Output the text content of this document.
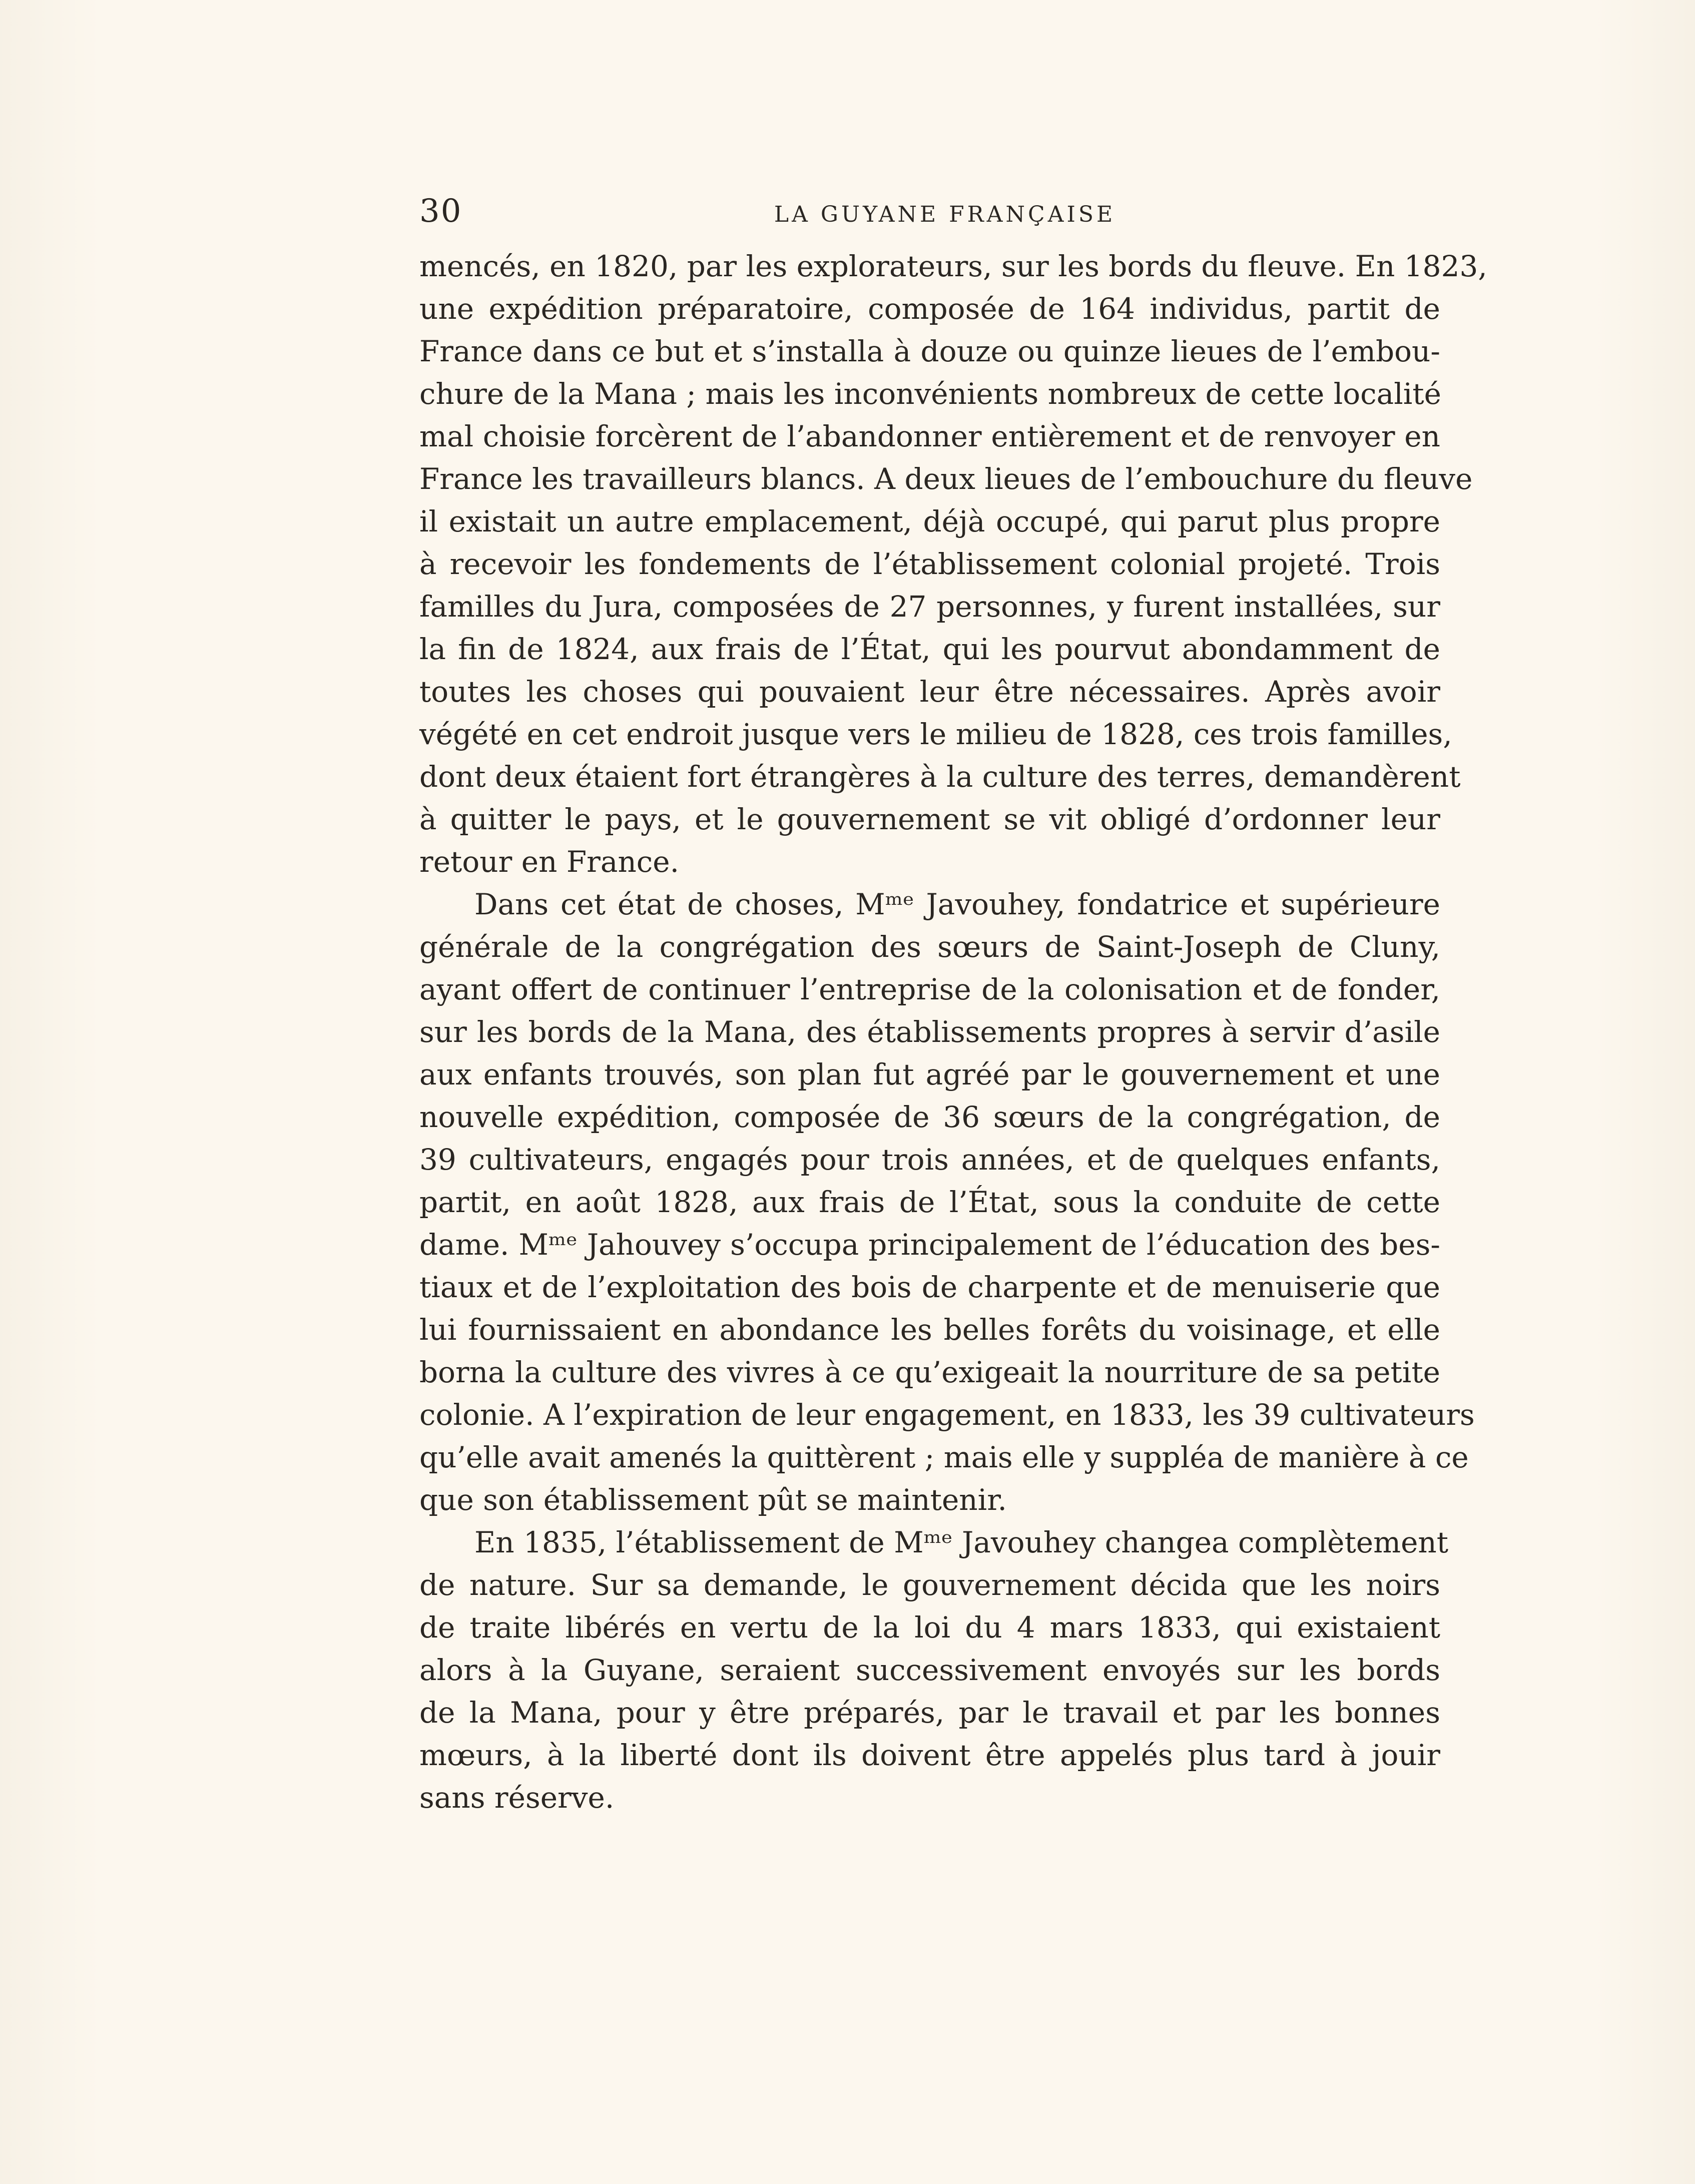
30	LA GUYANE FRANÇAISE

mencés, en 1820, par les explorateurs, sur les bords du fleuve. En 1823,
une expédition préparatoire, composée de 164 individus, partit de
France dans ce but et s’installa à douze ou quinze lieues de l’embou-
chure de la Mana ; mais les inconvénients nombreux de cette localité
mal choisie forcèrent de l’abandonner entièrement et de renvoyer en
France les travailleurs blancs. A deux lieues de l’embouchure du fleuve
il existait un autre emplacement, déjà occupé, qui parut plus propre
à recevoir les fondements de l’établissement colonial projeté. Trois
familles du Jura, composées de 27 personnes, y furent installées, sur
la fin de 1824, aux frais de l’État, qui les pourvut abondamment de
toutes les choses qui pouvaient leur être nécessaires. Après avoir
végété en cet endroit jusque vers le milieu de 1828, ces trois familles,
dont deux étaient fort étrangères à la culture des terres, demandèrent
à quitter le pays, et le gouvernement se vit obligé d’ordonner leur
retour en France.

Dans cet état de choses, Mᵐᵉ Javouhey, fondatrice et supérieure
générale de la congrégation des sœurs de Saint-Joseph de Cluny,
ayant offert de continuer l’entreprise de la colonisation et de fonder,
sur les bords de la Mana, des établissements propres à servir d’asile
aux enfants trouvés, son plan fut agréé par le gouvernement et une
nouvelle expédition, composée de 36 sœurs de la congrégation, de
39 cultivateurs, engagés pour trois années, et de quelques enfants,
partit, en août 1828, aux frais de l’État, sous la conduite de cette
dame. Mᵐᵉ Jahouvey s’occupa principalement de l’éducation des bes-
tiaux et de l’exploitation des bois de charpente et de menuiserie que
lui fournissaient en abondance les belles forêts du voisinage, et elle
borna la culture des vivres à ce qu’exigeait la nourriture de sa petite
colonie. A l’expiration de leur engagement, en 1833, les 39 cultivateurs
qu’elle avait amenés la quittèrent ; mais elle y suppléa de manière à ce
que son établissement pût se maintenir.

En 1835, l’établissement de Mᵐᵉ Javouhey changea complètement
de nature. Sur sa demande, le gouvernement décida que les noirs
de traite libérés en vertu de la loi du 4 mars 1833, qui existaient
alors à la Guyane, seraient successivement envoyés sur les bords
de la Mana, pour y être préparés, par le travail et par les bonnes
mœurs, à la liberté dont ils doivent être appelés plus tard à jouir
sans réserve.
